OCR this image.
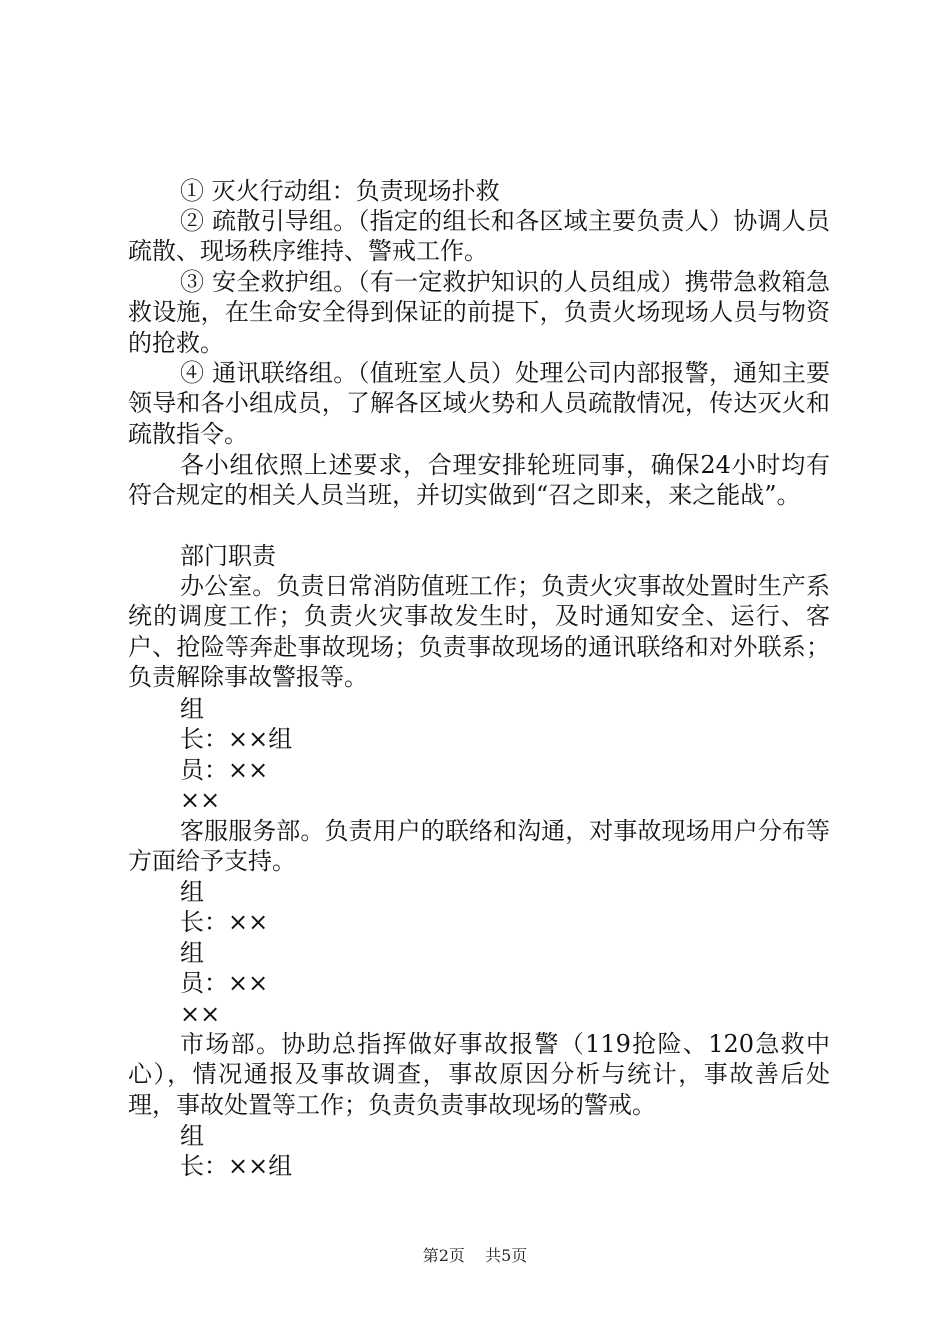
① 灭火行动组：负责现场扑救

② 疏散引导组。（指定的组长和各区域主要负责人）协调人员疏散、现场秩序维持、警戒工作。

③ 安全救护组。（有一定救护知识的人员组成）携带急救箱急救设施，在生命安全得到保证的前提下，负责火场现场人员与物资的抢救。

④ 通讯联络组。（值班室人员）处理公司内部报警，通知主要领导和各小组成员，了解各区域火势和人员疏散情况，传达灭火和疏散指令。

各小组依照上述要求，合理安排轮班同事，确保24小时均有符合规定的相关人员当班，并切实做到“召之即来，来之能战”。

部门职责

办公室。负责日常消防值班工作；负责火灾事故处置时生产系统的调度工作；负责火灾事故发生时，及时通知安全、运行、客户、抢险等奔赴事故现场；负责事故现场的通讯联络和对外联系；负责解除事故警报等。

组

长：××组

员：××

××

客服服务部。负责用户的联络和沟通，对事故现场用户分布等方面给予支持。

组

长：××

组

员：××

××

市场部。协助总指挥做好事故报警（119抢险、120急救中心），情况通报及事故调查，事故原因分析与统计，事故善后处理，事故处置等工作；负责负责事故现场的警戒。

组

长：××组

第2页 共5页
